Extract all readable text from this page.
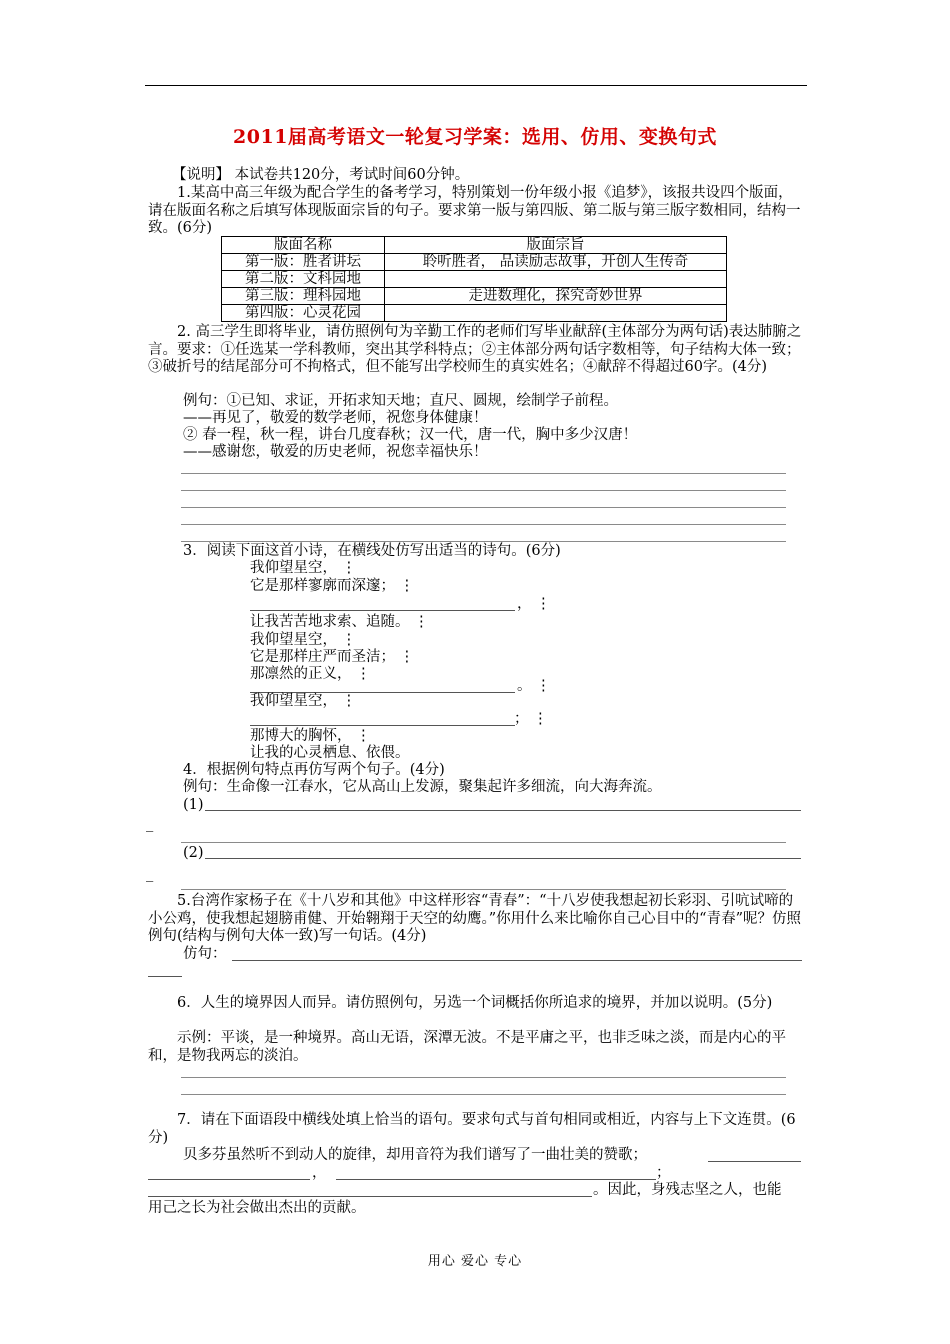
2011届高考语文一轮复习学案：选用、仿用、变换句式
【说明】 本试卷共120分，考试时间60分钟。
1.某高中高三年级为配合学生的备考学习，特别策划一份年级小报《追梦》，该报共设四个版面，请在版面名称之后填写体现版面宗旨的句子。要求第一版与第四版、第二版与第三版字数相同，结构一致。(6分)
版面名称	版面宗旨
第一版：胜者讲坛	聆听胜者， 品读励志故事，开创人生传奇
第二版：文科园地	
第三版：理科园地	走进数理化，探究奇妙世界
第四版：心灵花园	
2. 高三学生即将毕业，请仿照例句为辛勤工作的老师们写毕业献辞(主体部分为两句话)表达肺腑之言。要求：①任选某一学科教师，突出其学科特点；②主体部分两句话字数相等，句子结构大体一致；③破折号的结尾部分可不拘格式，但不能写出学校师生的真实姓名；④献辞不得超过60字。(4分)
例句：①已知、求证，开拓求知天地；直尺、圆规，绘制学子前程。
——再见了，敬爱的数学老师，祝您身体健康！
② 春一程，秋一程，讲台几度春秋；汉一代，唐一代，胸中多少汉唐！
——感谢您，敬爱的历史老师，祝您幸福快乐！
3．阅读下面这首小诗，在横线处仿写出适当的诗句。(6分)
我仰望星空， ⋮
它是那样寥廓而深邃； ⋮
， ⋮
让我苦苦地求索、追随。 ⋮
我仰望星空， ⋮
它是那样庄严而圣洁； ⋮
那凛然的正义， ⋮
。 ⋮
我仰望星空， ⋮
； ⋮
那博大的胸怀， ⋮
让我的心灵栖息、依偎。
4．根据例句特点再仿写两个句子。(4分)
例句：生命像一江春水，它从高山上发源，聚集起许多细流，向大海奔流。
(1)
_
(2)
_
5.台湾作家杨子在《十八岁和其他》中这样形容“青春”：“十八岁使我想起初长彩羽、引吭试啼的小公鸡，使我想起翅膀甫健、开始翱翔于天空的幼鹰。”你用什么来比喻你自己心目中的“青春”呢？仿照例句(结构与例句大体一致)写一句话。(4分)
仿句：
6．人生的境界因人而异。请仿照例句，另选一个词概括你所追求的境界，并加以说明。(5分)
示例：平谈，是一种境界。高山无语，深潭无波。不是平庸之平，也非乏味之淡，而是内心的平和，是物我两忘的淡泊。
7．请在下面语段中横线处填上恰当的语句。要求句式与首句相同或相近，内容与上下文连贯。(6分)
贝多芬虽然听不到动人的旋律，却用音符为我们谱写了一曲壮美的赞歌；
，	；
。因此，身残志坚之人，也能
用己之长为社会做出杰出的贡献。
用心 爱心 专心
